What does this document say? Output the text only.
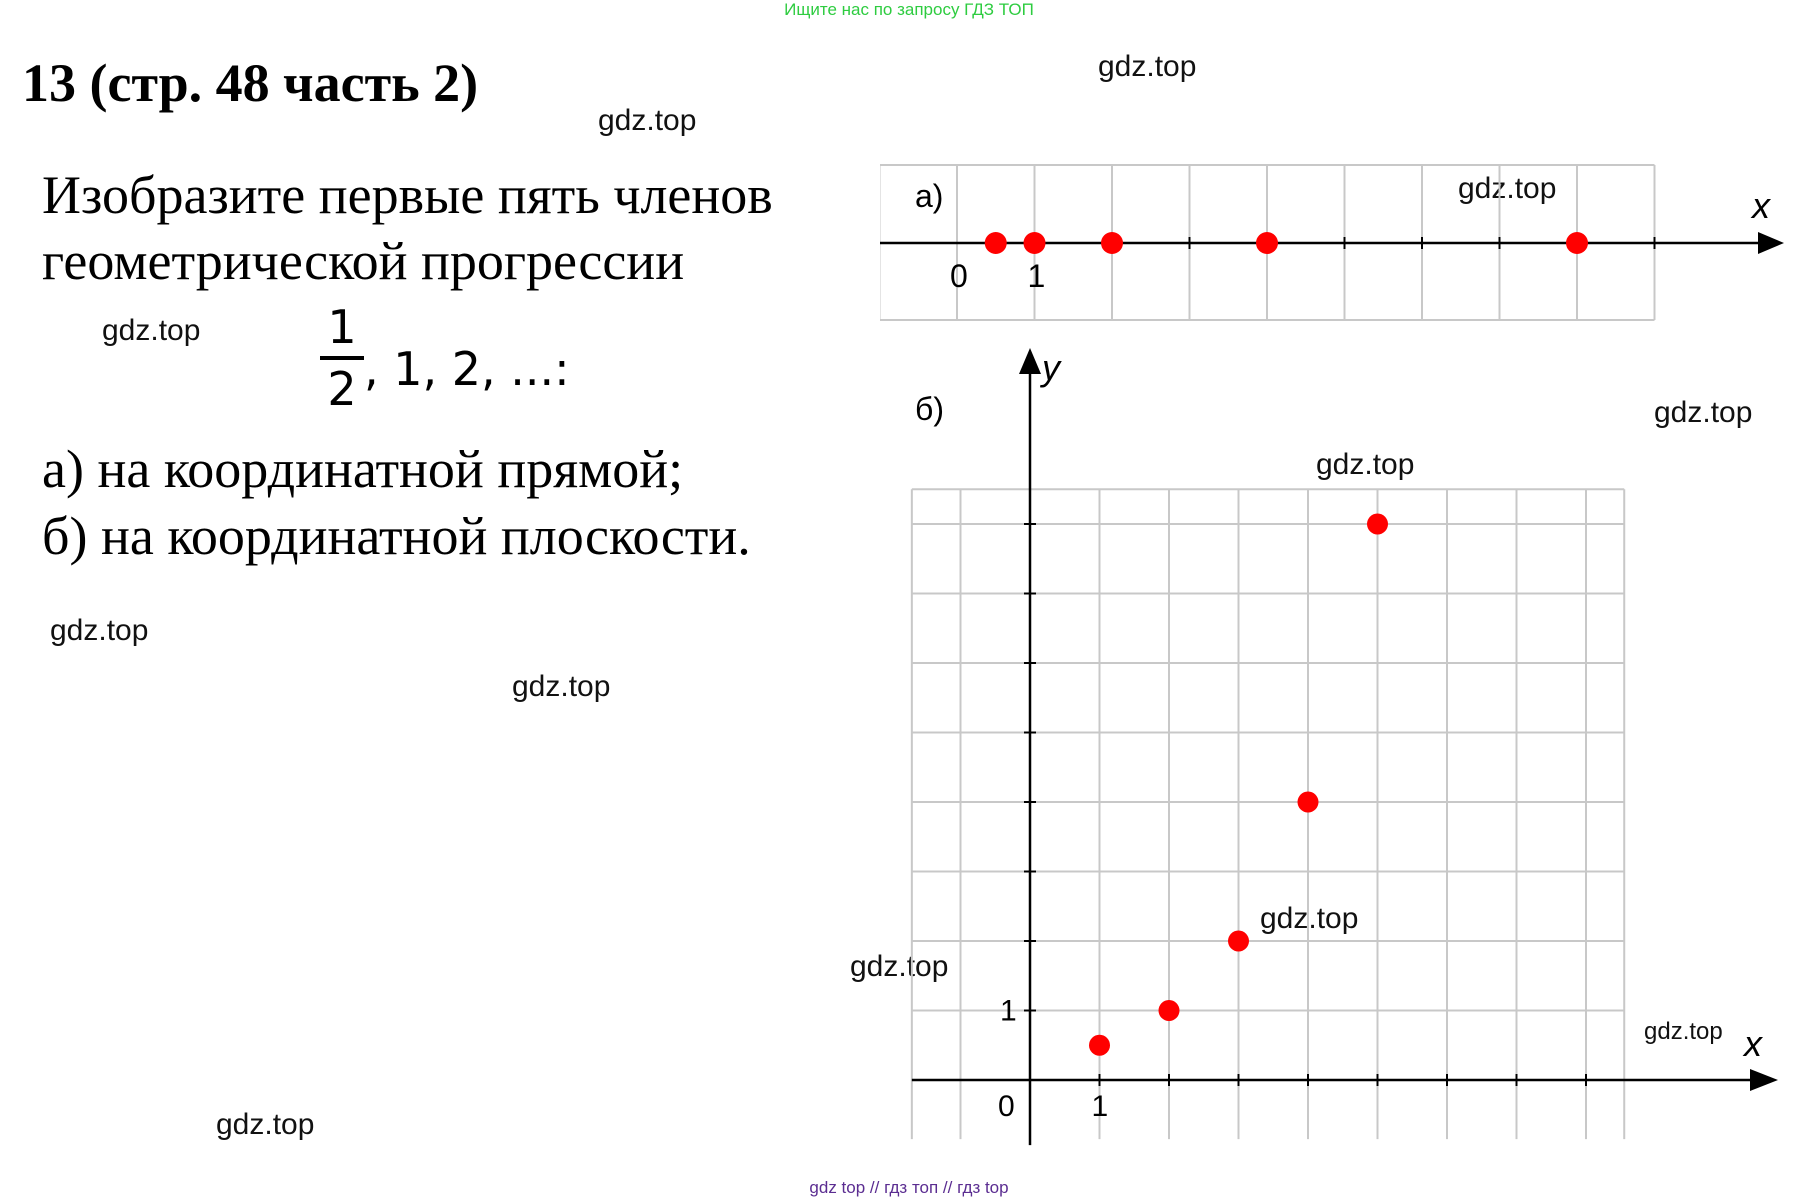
Ищите нас по запросу ГДЗ ТОП
13 (стр. 48 часть 2)
Изобразите первые пять членов
геометрической прогрессии
1
2 , 1, 2, ...:
а) на координатной прямой;
б) на координатной плоскости.
gdz.top
gdz.top
gdz.top
gdz.top
gdz.top
gdz.top
gdz.top
gdz.top
gdz.top
gdz.top
gdz.top
gdz.top
а)	x
0 1
б)
y
x
0	1
1
gdz top // гдз топ // гдз top
